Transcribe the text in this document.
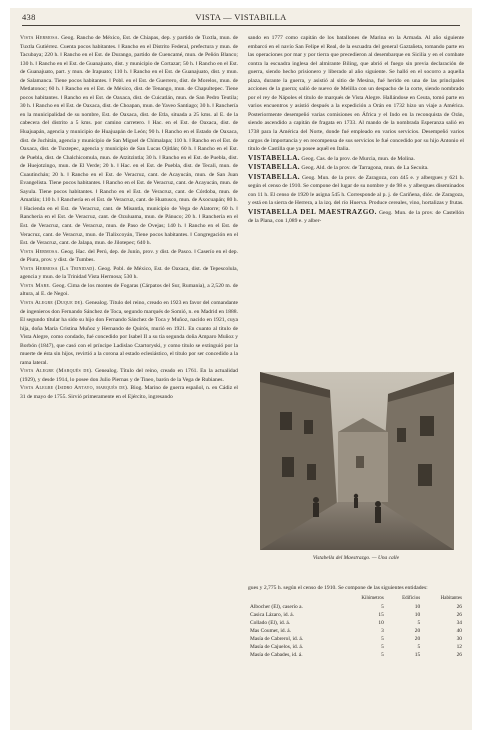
438	VISTA — VISTABILLA

Vista Hermosa. Geog. Rancho de México, Est. de Chiapas, dep. y partido de Tuxtla, mun. de Tuxtla Gutiérrez. Cuenta pocos habitantes. ‖ Rancho en el Distrito Federal, prefectura y mun. de Tacubaya; 220 h. ‖ Rancho en el Est. de Durango, partido de Cuencamé, mun. de Peñón Blanco; 130 h. ‖ Rancho en el Est. de Guanajuato, dist. y municipio de Cortazar; 50 h. ‖ Rancho en el Est. de Guanajuato, part. y mun. de Irapuato; 110 h. ‖ Rancho en el Est. de Guanajuato, dist. y mun. de Salamanca. Tiene pocos habitantes. ‖ Pobl. en el Est. de Guerrero, dist. de Morelos, mun. de Metlatonoc; 60 h. ‖ Rancho en el Est. de México, dist. de Tenango, mun. de Chapultepec. Tiene pocos habitantes. ‖ Rancho en el Est. de Oaxaca, dist. de Cuicatlán, mun. de San Pedro Teutila; 30 h. ‖ Rancho en el Est. de Oaxaca, dist. de Choapan, mun. de Yaveo Santiago; 30 h. ‖ Ranchería en la municipalidad de su nombre, Est. de Oaxaca, dist. de Etla, situada a 25 kms. al E. de la cabecera del distrito a 5 kms. por camino carretero. ‖ Hac. en el Est. de Oaxaca, dist. de Huajuapán, agencia y municipio de Huajuapán de León; 90 h. ‖ Rancho en el Estado de Oaxaca, dist. de Juchitán, agencia y municipio de San Miguel de Chimalapa; 110 h. ‖ Rancho en el Est. de Oaxaca, dist. de Tuxtepec, agencia y municipio de San Lucas Ojitlán; 60 h. ‖ Rancho en el Est. de Puebla, dist. de Chalchicomula, mun. de Atzitzintla; 30 h. ‖ Rancho en el Est. de Puebla, dist. de Huejotzingo, mun. de El Verde; 20 h. ‖ Hac. en el Est. de Puebla, dist. de Tecali, mun. de Cuautinchán; 20 h. ‖ Rancho en el Est. de Veracruz, cant. de Acayucán, mun. de San Juan Evangelista. Tiene pocos habitantes. ‖ Rancho en el Est. de Veracruz, cant. de Acayucán, mun. de Sayula. Tiene pocos habitantes. ‖ Rancho en el Est. de Veracruz, cant. de Córdoba, mun. de Amatlán; 110 h. ‖ Ranchería en el Est. de Veracruz, cant. de Huatusco, mun. de Axocuapán; 80 h. ‖ Hacienda en el Est. de Veracruz, cant. de Misantla, municipio de Vega de Alatorre; 60 h. ‖ Ranchería en el Est. de Veracruz, cant. de Ozuluama, mun. de Pánuco; 20 h. ‖ Ranchería en el Est. de Veracruz, cant. de Veracruz, mun. de Paso de Ovejas; 140 h. ‖ Rancho en el Est. de Veracruz, cant. de Veracruz, mun. de Tlalixcoyán, Tiene pocos habitantes. ‖ Congregación en el Est. de Veracruz, cant. de Jalapa, mun. de Jilotepec; 640 h.

Vista Hermosa. Geog. Hac. del Perú, dep. de Junín, prov. y dist. de Pasco. ‖ Caserío en el dep. de Piura, prov. y dist. de Tumbes.

Vista Hermosa (La Trinidad). Geog. Pobl. de México, Est. de Oaxaca, dist. de Tepescolula, agencia y mun. de la Trinidad Vista Hermosa; 530 h.

Vista Mare. Geog. Cima de los montes de Fogaras (Cárpatos del Sur, Rumania), a 2,520 m. de altura, al E. de Negoi.

Vista Alegre (Duque de). Genealog. Título del reino, creado en 1923 en favor del comandante de ingenieros don Fernando Sánchez de Toca, segundo marqués de Somió, n. en Madrid en 1888. El segundo títular ha sido su hijo don Fernando Sánchez de Toca y Muñoz, nacido en 1921, cuya hija, doña María Cristina Muñoz y Hernando de Quirós, murió en 1921. En cuanto al título de Vista Alegre, como condado, fué concedido por Isabel II a su tía segunda doña Amparo Muñoz y Borbón (1847), que casó con el príncipe Ladislao Czartoryski, y como título se extinguió por la muerte de ésta sin hijos, revirtió a la corona al estado eclesiástico, el título por ser concedido a la rama lateral.

Vista Alegre (Marqués de). Genealog. Título del reino, creado en 1761. En la actualidad (1929), y desde 1914, lo posee don Julio Piernas y de Tineo, barón de la Vega de Rubianes.

Vista Alegre (Isidro Antayo, marqués de). Biog. Marino de guerra español, n. en Cádiz el 31 de mayo de 1755. Sirvió primeramente en el Ejército, ingresando

sando en 1777 como capitán de los batallones de Marina en la Armada. Al año siguiente embarcó en el navío San Felipe el Real, de la escuadra del general Gaztañeta, tomando parte en las operaciones por mar y por tierra que precedieron al desembarque en Sicilia y en el combate contra la escuadra inglesa del almirante Biling, que abrió el fuego sin previa declaración de guerra, siendo hecho prisionero y liberado al año siguiente. Se halló en el socorro a aquella plaza, durante la guerra, y asistió al sitio de Mesina, fué herido en una de las principales acciones de la guerra; salió de nuevo de Melilla con un despacho de la corte, siendo nombrado por el rey de Nápoles el título de marqués de Vista Alegre. Hallándose en Ceuta, tomó parte en varios encuentros y asistió después a la expedición a Orán en 1732 hizo un viaje a América. Posteriormente desempeñó varias comisiones en África y el Indo en la reconquista de Orán, siendo ascendido a capitán de fragata en 1733. Al mando de la nombrada Esperanza salió en 1738 para la América del Norte, donde fué empleado en varios servicios. Desempeñó varios cargos de importancia y en recompensa de sus servicios le fué concedido por su hijo Antonio el título de Castilla que ya posee aquél en Italia.

VISTABELLA. Geog. Cas. de la prov. de Murcia, mun. de Molina.

VISTABELLA. Geog. Ald. de la prov. de Tarragona, mun. de La Secuita.

VISTABELLA. Geog. Mun. de la prov. de Zaragoza, con 445 e. y albergues y 621 h. según el censo de 1910. Se compone del lugar de su nombre y de 98 e. y albergues diseminados con 11 h. El censo de 1920 le asigna 545 h. Corresponde al p. j. de Cariñena, dióc. de Zaragoza, y está en la sierra de Herrera, a la izq. del río Huerva. Produce cereales, vino, hortalizas y frutas.

VISTABELLA DEL MAESTRAZGO. Geog. Mun. de la prov. de Castellón de la Plana, con 1,089 e. y alber-

Vistabella del Maestrazgo. — Una calle

gues y 2,775 h. según el censo de 1910. Se compone de las siguientes entidades:

	Kilómetros	Edificios	Habitantes
Albocher (El), caserío a.	5	10	26
Casica Lázaro, id. á.	15	10	26
Collado (El), id. á.	10	5	34
Mas Coumet, id. á.	3	20	40
Masía de Cabrerol, id. á.	5	20	30
Masía de Cajuelos, id. á.	5	5	12
Masía de Cabades, id. á.	5	15	26
